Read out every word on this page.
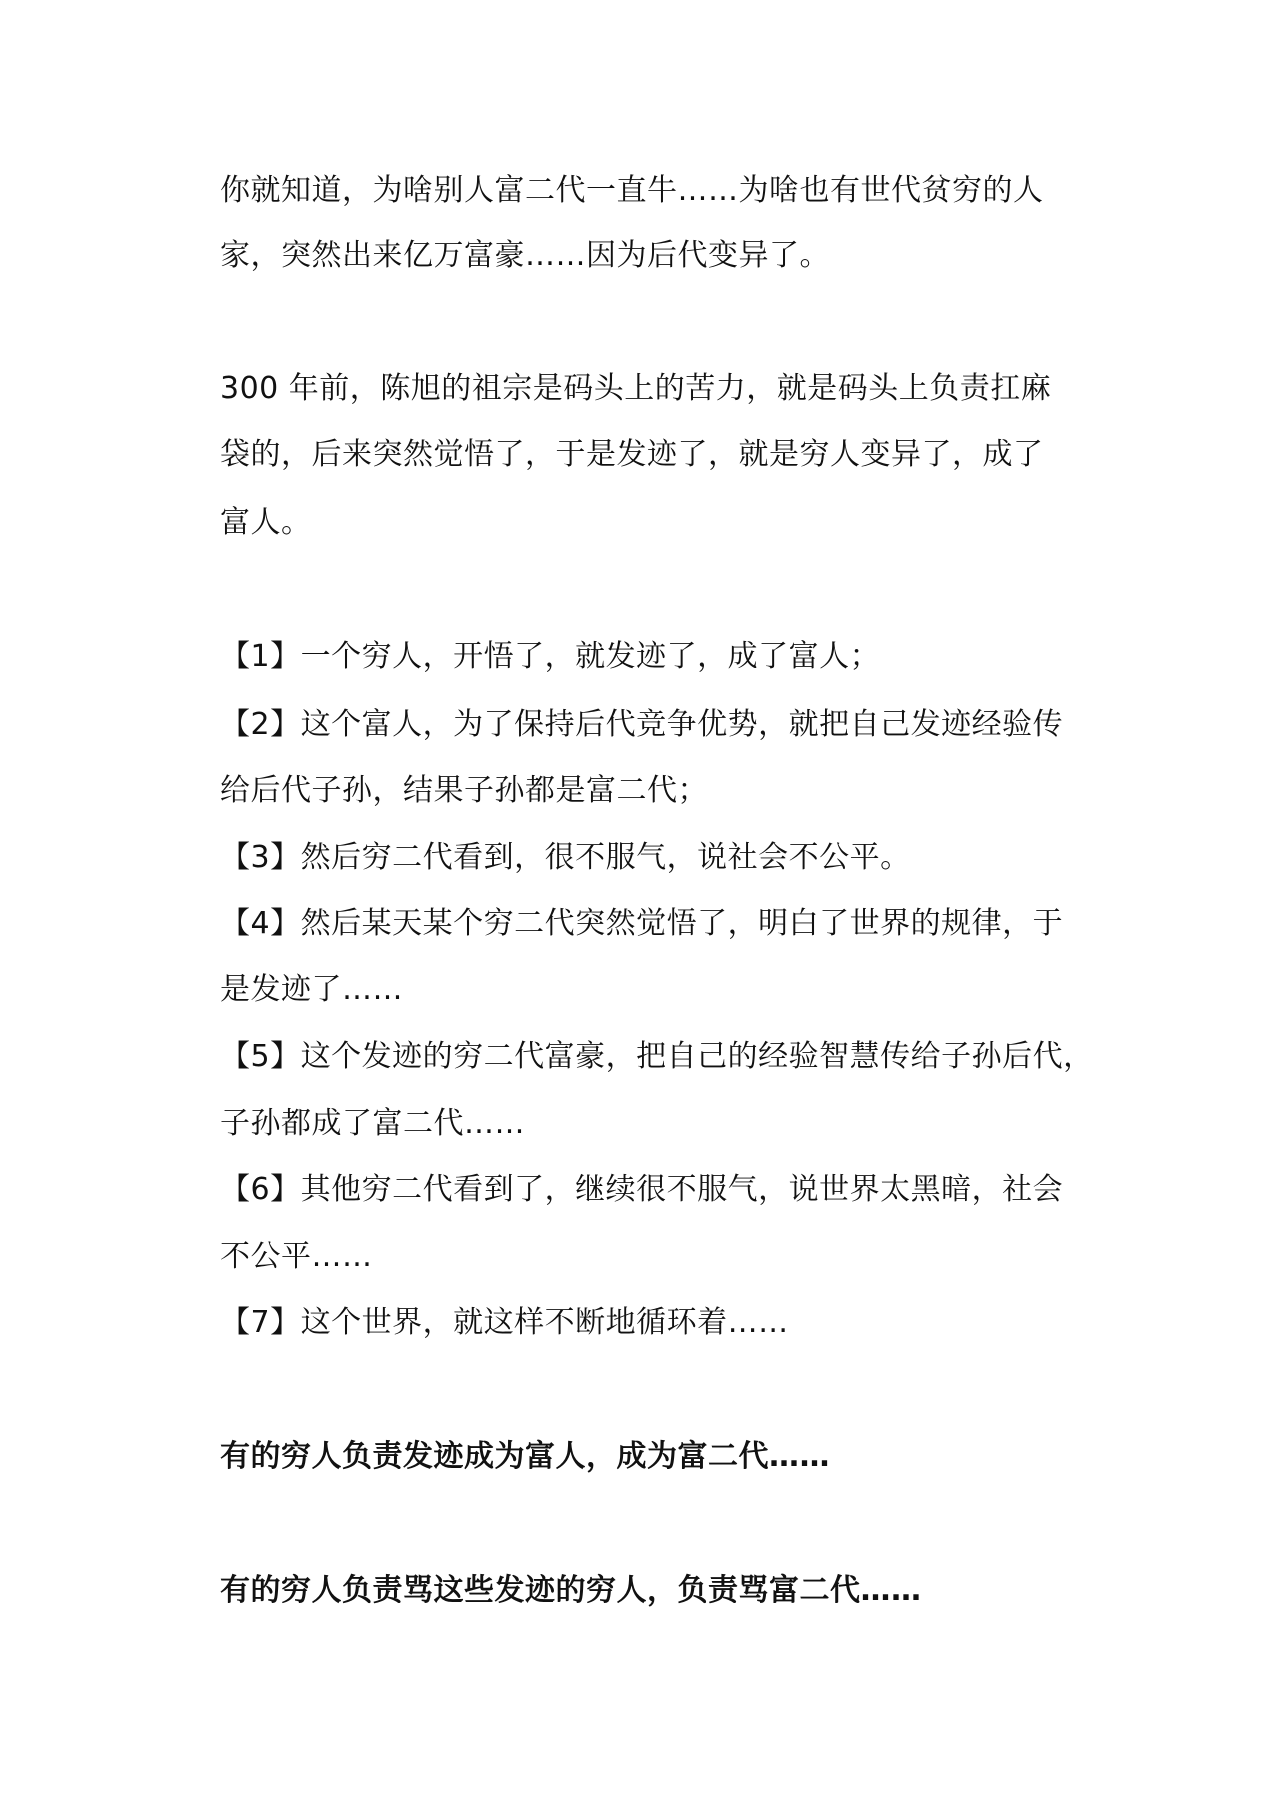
你就知道，为啥别人富二代一直牛……为啥也有世代贫穷的人
家，突然出来亿万富豪……因为后代变异了。
300 年前，陈旭的祖宗是码头上的苦力，就是码头上负责扛麻
袋的，后来突然觉悟了，于是发迹了，就是穷人变异了，成了
富人。
【1】一个穷人，开悟了，就发迹了，成了富人；
【2】这个富人，为了保持后代竞争优势，就把自己发迹经验传
给后代子孙，结果子孙都是富二代；
【3】然后穷二代看到，很不服气，说社会不公平。
【4】然后某天某个穷二代突然觉悟了，明白了世界的规律，于
是发迹了……
【5】这个发迹的穷二代富豪，把自己的经验智慧传给子孙后代，
子孙都成了富二代……
【6】其他穷二代看到了，继续很不服气，说世界太黑暗，社会
不公平……
【7】这个世界，就这样不断地循环着……
有的穷人负责发迹成为富人，成为富二代……
有的穷人负责骂这些发迹的穷人，负责骂富二代……
